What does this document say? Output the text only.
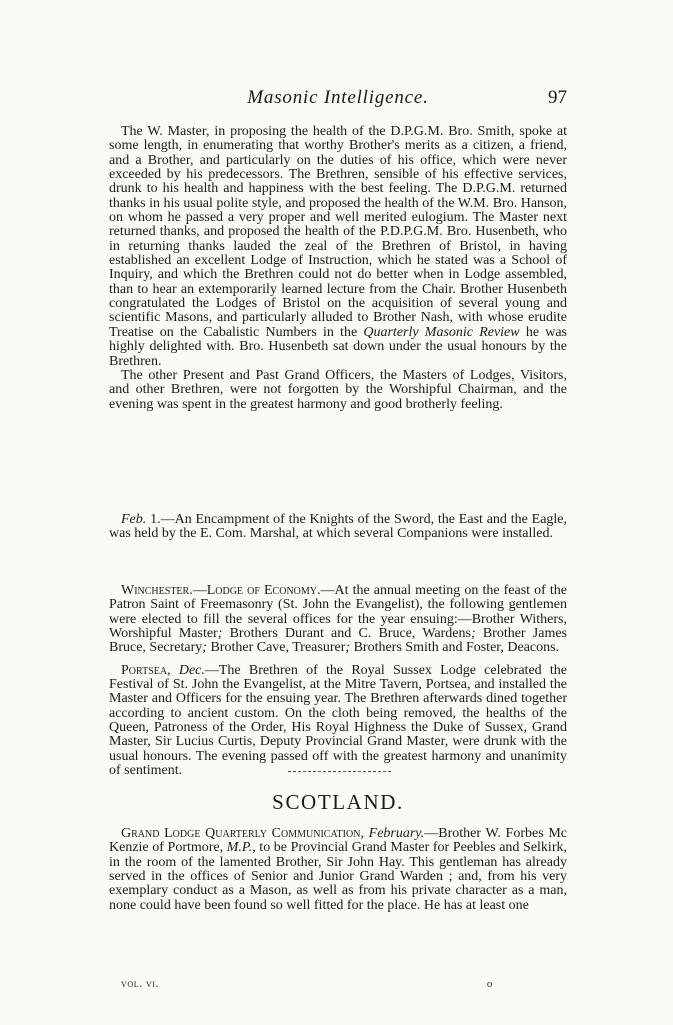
Masonic Intelligence.	97

The W. Master, in proposing the health of the D.P.G.M. Bro. Smith, spoke at some length, in enumerating that worthy Brother's merits as a citizen, a friend, and a Brother, and particularly on the duties of his office, which were never exceeded by his predecessors. The Brethren, sensible of his effective services, drunk to his health and happiness with the best feeling. The D.P.G.M. returned thanks in his usual polite style, and proposed the health of the W.M. Bro. Hanson, on whom he passed a very proper and well merited eulogium. The Master next returned thanks, and proposed the health of the P.D.P.G.M. Bro. Husenbeth, who in returning thanks lauded the zeal of the Brethren of Bristol, in having established an excellent Lodge of Instruction, which he stated was a School of Inquiry, and which the Brethren could not do better when in Lodge assembled, than to hear an extemporarily learned lecture from the Chair. Brother Husenbeth congratulated the Lodges of Bristol on the acquisition of several young and scientific Masons, and particularly alluded to Brother Nash, with whose erudite Treatise on the Cabalistic Numbers in the Quarterly Masonic Review he was highly delighted with. Bro. Husenbeth sat down under the usual honours by the Brethren.

The other Present and Past Grand Officers, the Masters of Lodges, Visitors, and other Brethren, were not forgotten by the Worshipful Chairman, and the evening was spent in the greatest harmony and good brotherly feeling.

Feb. 1.—An Encampment of the Knights of the Sword, the East and the Eagle, was held by the E. Com. Marshal, at which several Companions were installed.

Winchester.—Lodge of Economy.—At the annual meeting on the feast of the Patron Saint of Freemasonry (St. John the Evangelist), the following gentlemen were elected to fill the several offices for the year ensuing:—Brother Withers, Worshipful Master; Brothers Durant and C. Bruce, Wardens; Brother James Bruce, Secretary; Brother Cave, Treasurer; Brothers Smith and Foster, Deacons.

Portsea, Dec.—The Brethren of the Royal Sussex Lodge celebrated the Festival of St. John the Evangelist, at the Mitre Tavern, Portsea, and installed the Master and Officers for the ensuing year. The Brethren afterwards dined together according to ancient custom. On the cloth being removed, the healths of the Queen, Patroness of the Order, His Royal Highness the Duke of Sussex, Grand Master, Sir Lucius Curtis, Deputy Provincial Grand Master, were drunk with the usual honours. The evening passed off with the greatest harmony and unanimity of sentiment.

SCOTLAND.

Grand Lodge Quarterly Communication, February.—Brother W. Forbes Mc Kenzie of Portmore, M.P., to be Provincial Grand Master for Peebles and Selkirk, in the room of the lamented Brother, Sir John Hay. This gentleman has already served in the offices of Senior and Junior Grand Warden ; and, from his very exemplary conduct as a Mason, as well as from his private character as a man, none could have been found so well fitted for the place. He has at least one

vol. vi.	o
